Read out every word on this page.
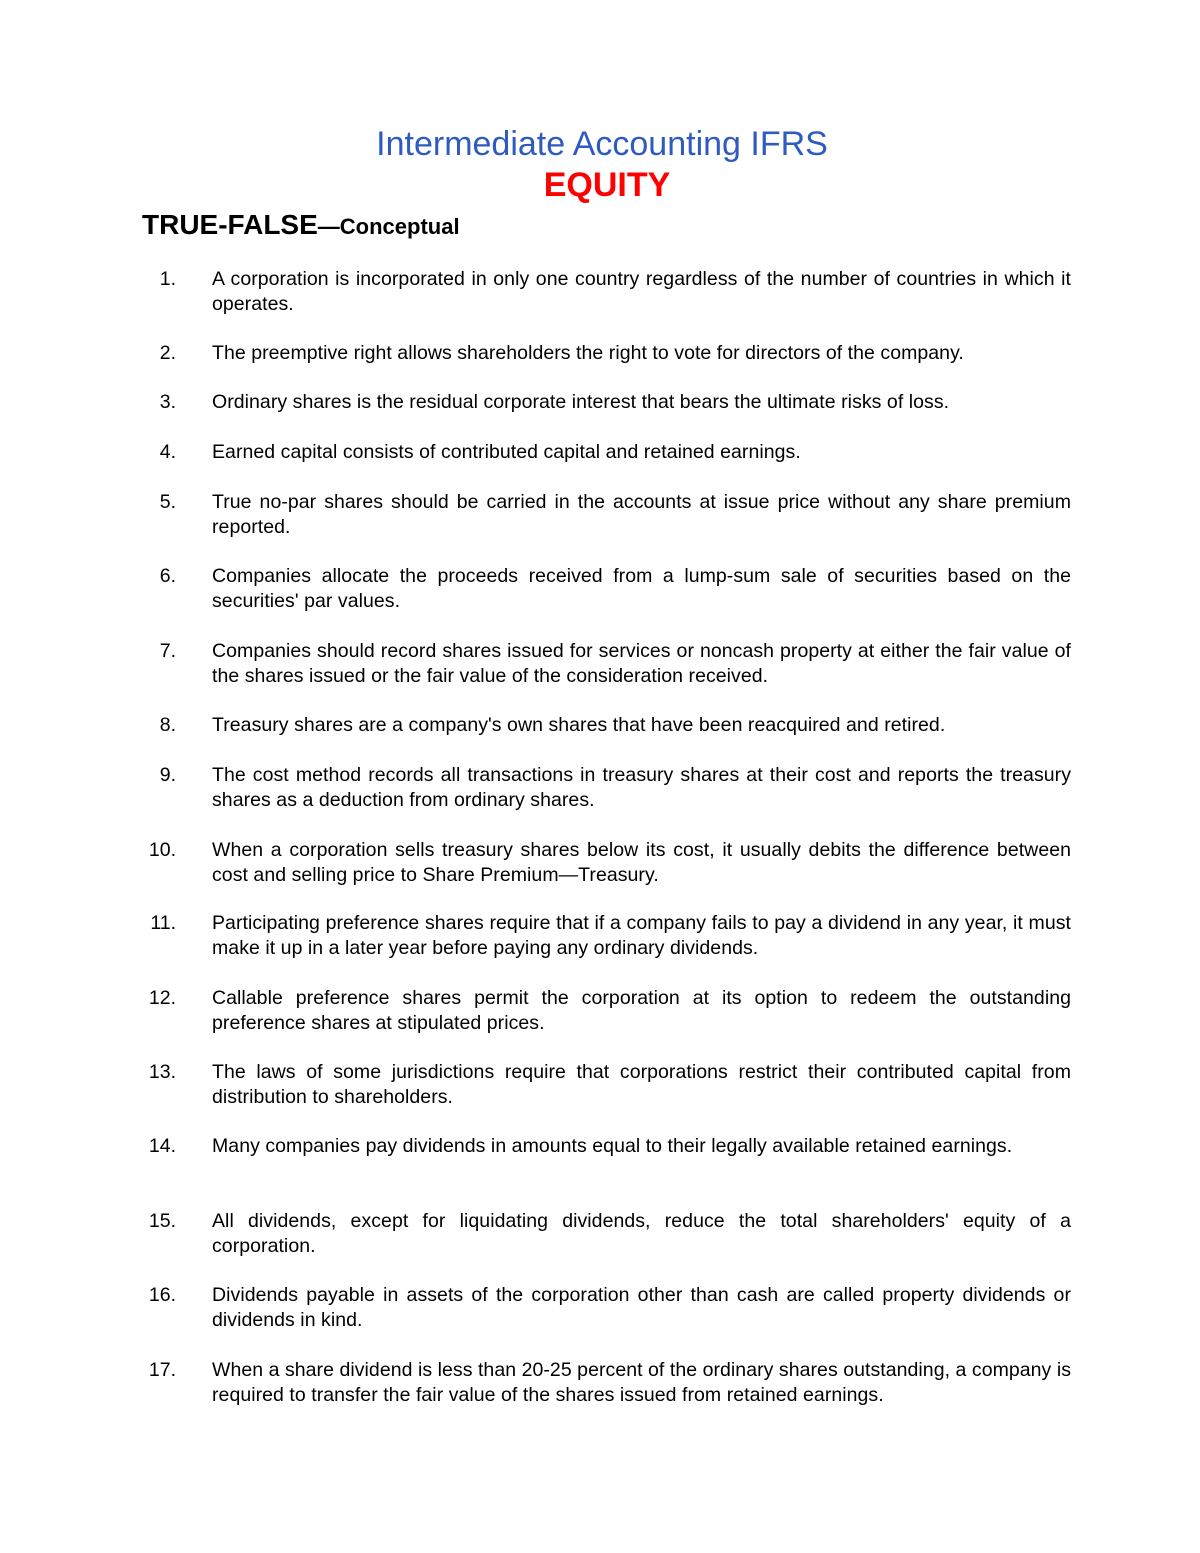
Intermediate Accounting IFRS
EQUITY
TRUE-FALSE—Conceptual
1. A corporation is incorporated in only one country regardless of the number of countries in which it operates.
2. The preemptive right allows shareholders the right to vote for directors of the company.
3. Ordinary shares is the residual corporate interest that bears the ultimate risks of loss.
4. Earned capital consists of contributed capital and retained earnings.
5. True no-par shares should be carried in the accounts at issue price without any share premium reported.
6. Companies allocate the proceeds received from a lump-sum sale of securities based on the securities' par values.
7. Companies should record shares issued for services or noncash property at either the fair value of the shares issued or the fair value of the consideration received.
8. Treasury shares are a company's own shares that have been reacquired and retired.
9. The cost method records all transactions in treasury shares at their cost and reports the treasury shares as a deduction from ordinary shares.
10. When a corporation sells treasury shares below its cost, it usually debits the difference between cost and selling price to Share Premium—Treasury.
11. Participating preference shares require that if a company fails to pay a dividend in any year, it must make it up in a later year before paying any ordinary dividends.
12. Callable preference shares permit the corporation at its option to redeem the outstanding preference shares at stipulated prices.
13. The laws of some jurisdictions require that corporations restrict their contributed capital from distribution to shareholders.
14. Many companies pay dividends in amounts equal to their legally available retained earnings.
15. All dividends, except for liquidating dividends, reduce the total shareholders' equity of a corporation.
16. Dividends payable in assets of the corporation other than cash are called property dividends or dividends in kind.
17. When a share dividend is less than 20-25 percent of the ordinary shares outstanding, a company is required to transfer the fair value of the shares issued from retained earnings.
